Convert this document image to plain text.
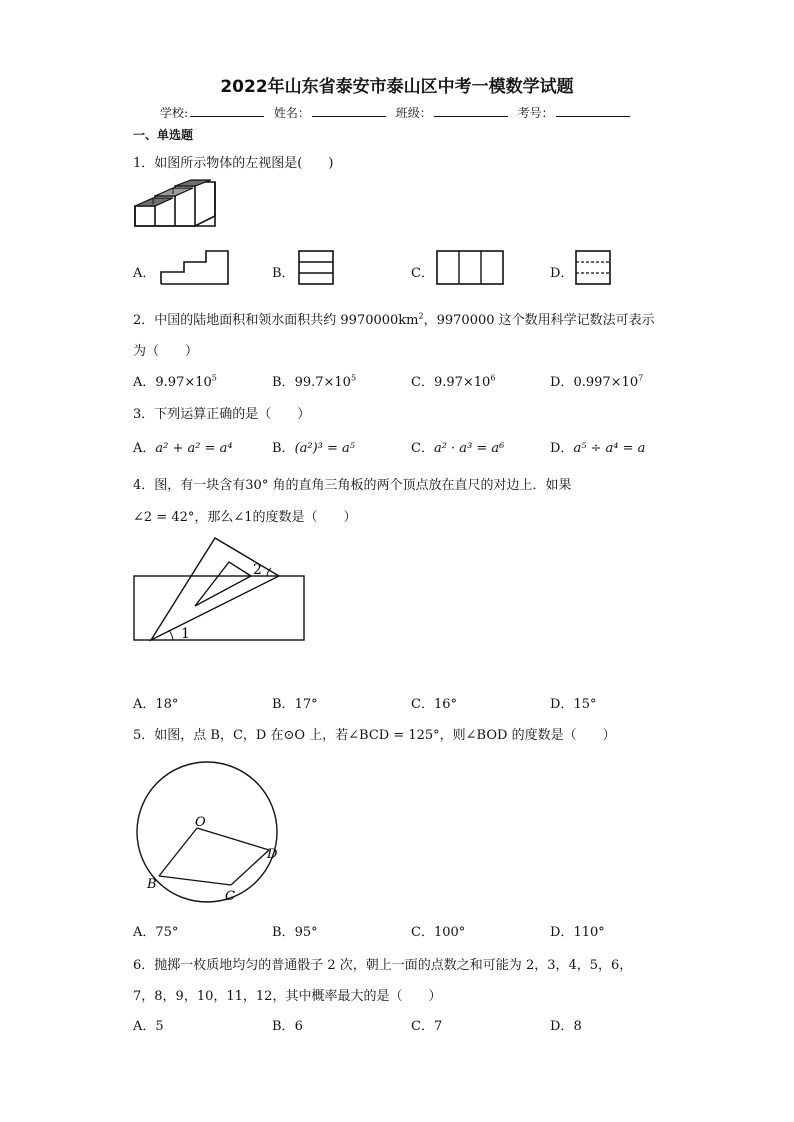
2022年山东省泰安市泰山区中考一模数学试题
学校:	姓名：	班级：	考号：
一、单选题
1．如图所示物体的左视图是(　　)
A．	B．	C．	D．
2．中国的陆地面积和领水面积共约 $9970000km^2$，9970000 这个数用科学记数法可表示
为（　　）
A．$9.97\times 10^5$	B．$99.7\times 10^5$	C．$9.97\times 10^6$	D．$0.997\times 10^7$
3．下列运算正确的是（　　）
A．a² + a² = a⁴	B．(a²)³ = a⁵	C．a² · a³ = a⁶	D．a⁵ ÷ a⁴ = a
4．图，有一块含有30° 角的直角三角板的两个顶点放在直尺的对边上．如果
∠2 = 42°，那么∠1的度数是（　　）
2
1
A．18°	B．17°	C．16°	D．15°
5．如图，点 B，C，D 在⊙O 上，若∠BCD = 125°，则∠BOD 的度数是（　　）
O
B
C
D
A．75°	B．95°	C．100°	D．110°
6．抛掷一枚质地均匀的普通骰子 2 次，朝上一面的点数之和可能为 2，3，4，5，6，
7，8，9，10，11，12，其中概率最大的是（　　）
A．5	B．6	C．7	D．8
